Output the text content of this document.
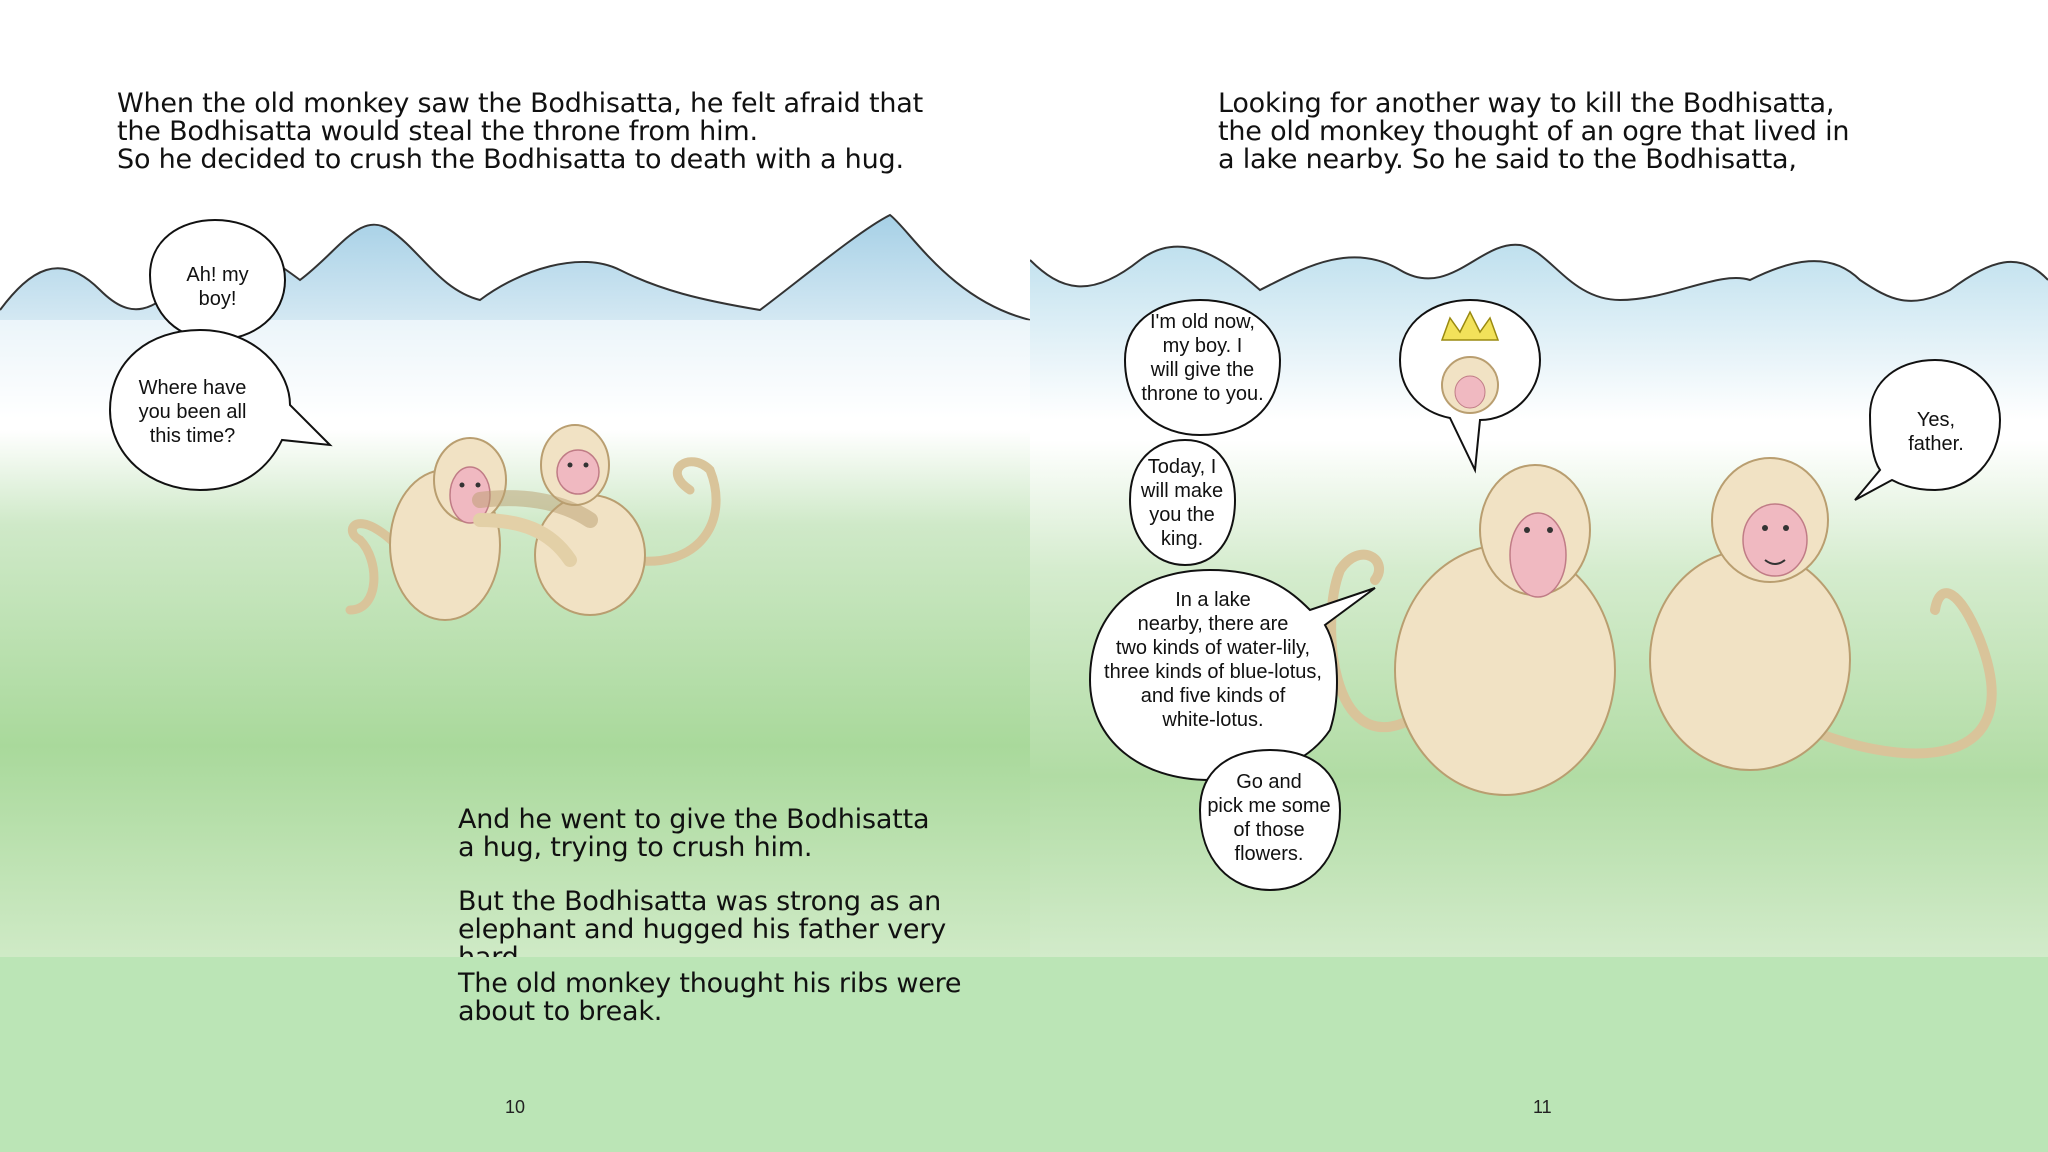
When the old monkey saw the Bodhisatta, he felt afraid that
the Bodhisatta would steal the throne from him.
So he decided to crush the Bodhisatta to death with a hug.
Ah! my
boy!
Where have
you been all
this time?
And he went to give the Bodhisatta
a hug, trying to crush him.
But the Bodhisatta was strong as an
elephant and hugged his father very
Looking for another way to kill the Bodhisatta,
the old monkey thought of an ogre that lived in
a lake nearby. So he said to the Bodhisatta,
I'm old now,
my boy. I
will give the
throne to you.
Today, I
will make
you the
king.
In a lake
nearby, there are
two kinds of water-lily,
three kinds of blue-lotus,
and five kinds of
white-lotus.
Go and
pick me some
of those
flowers.
Yes,
father.
The old monkey thought his ribs were
about to break.
10	11
